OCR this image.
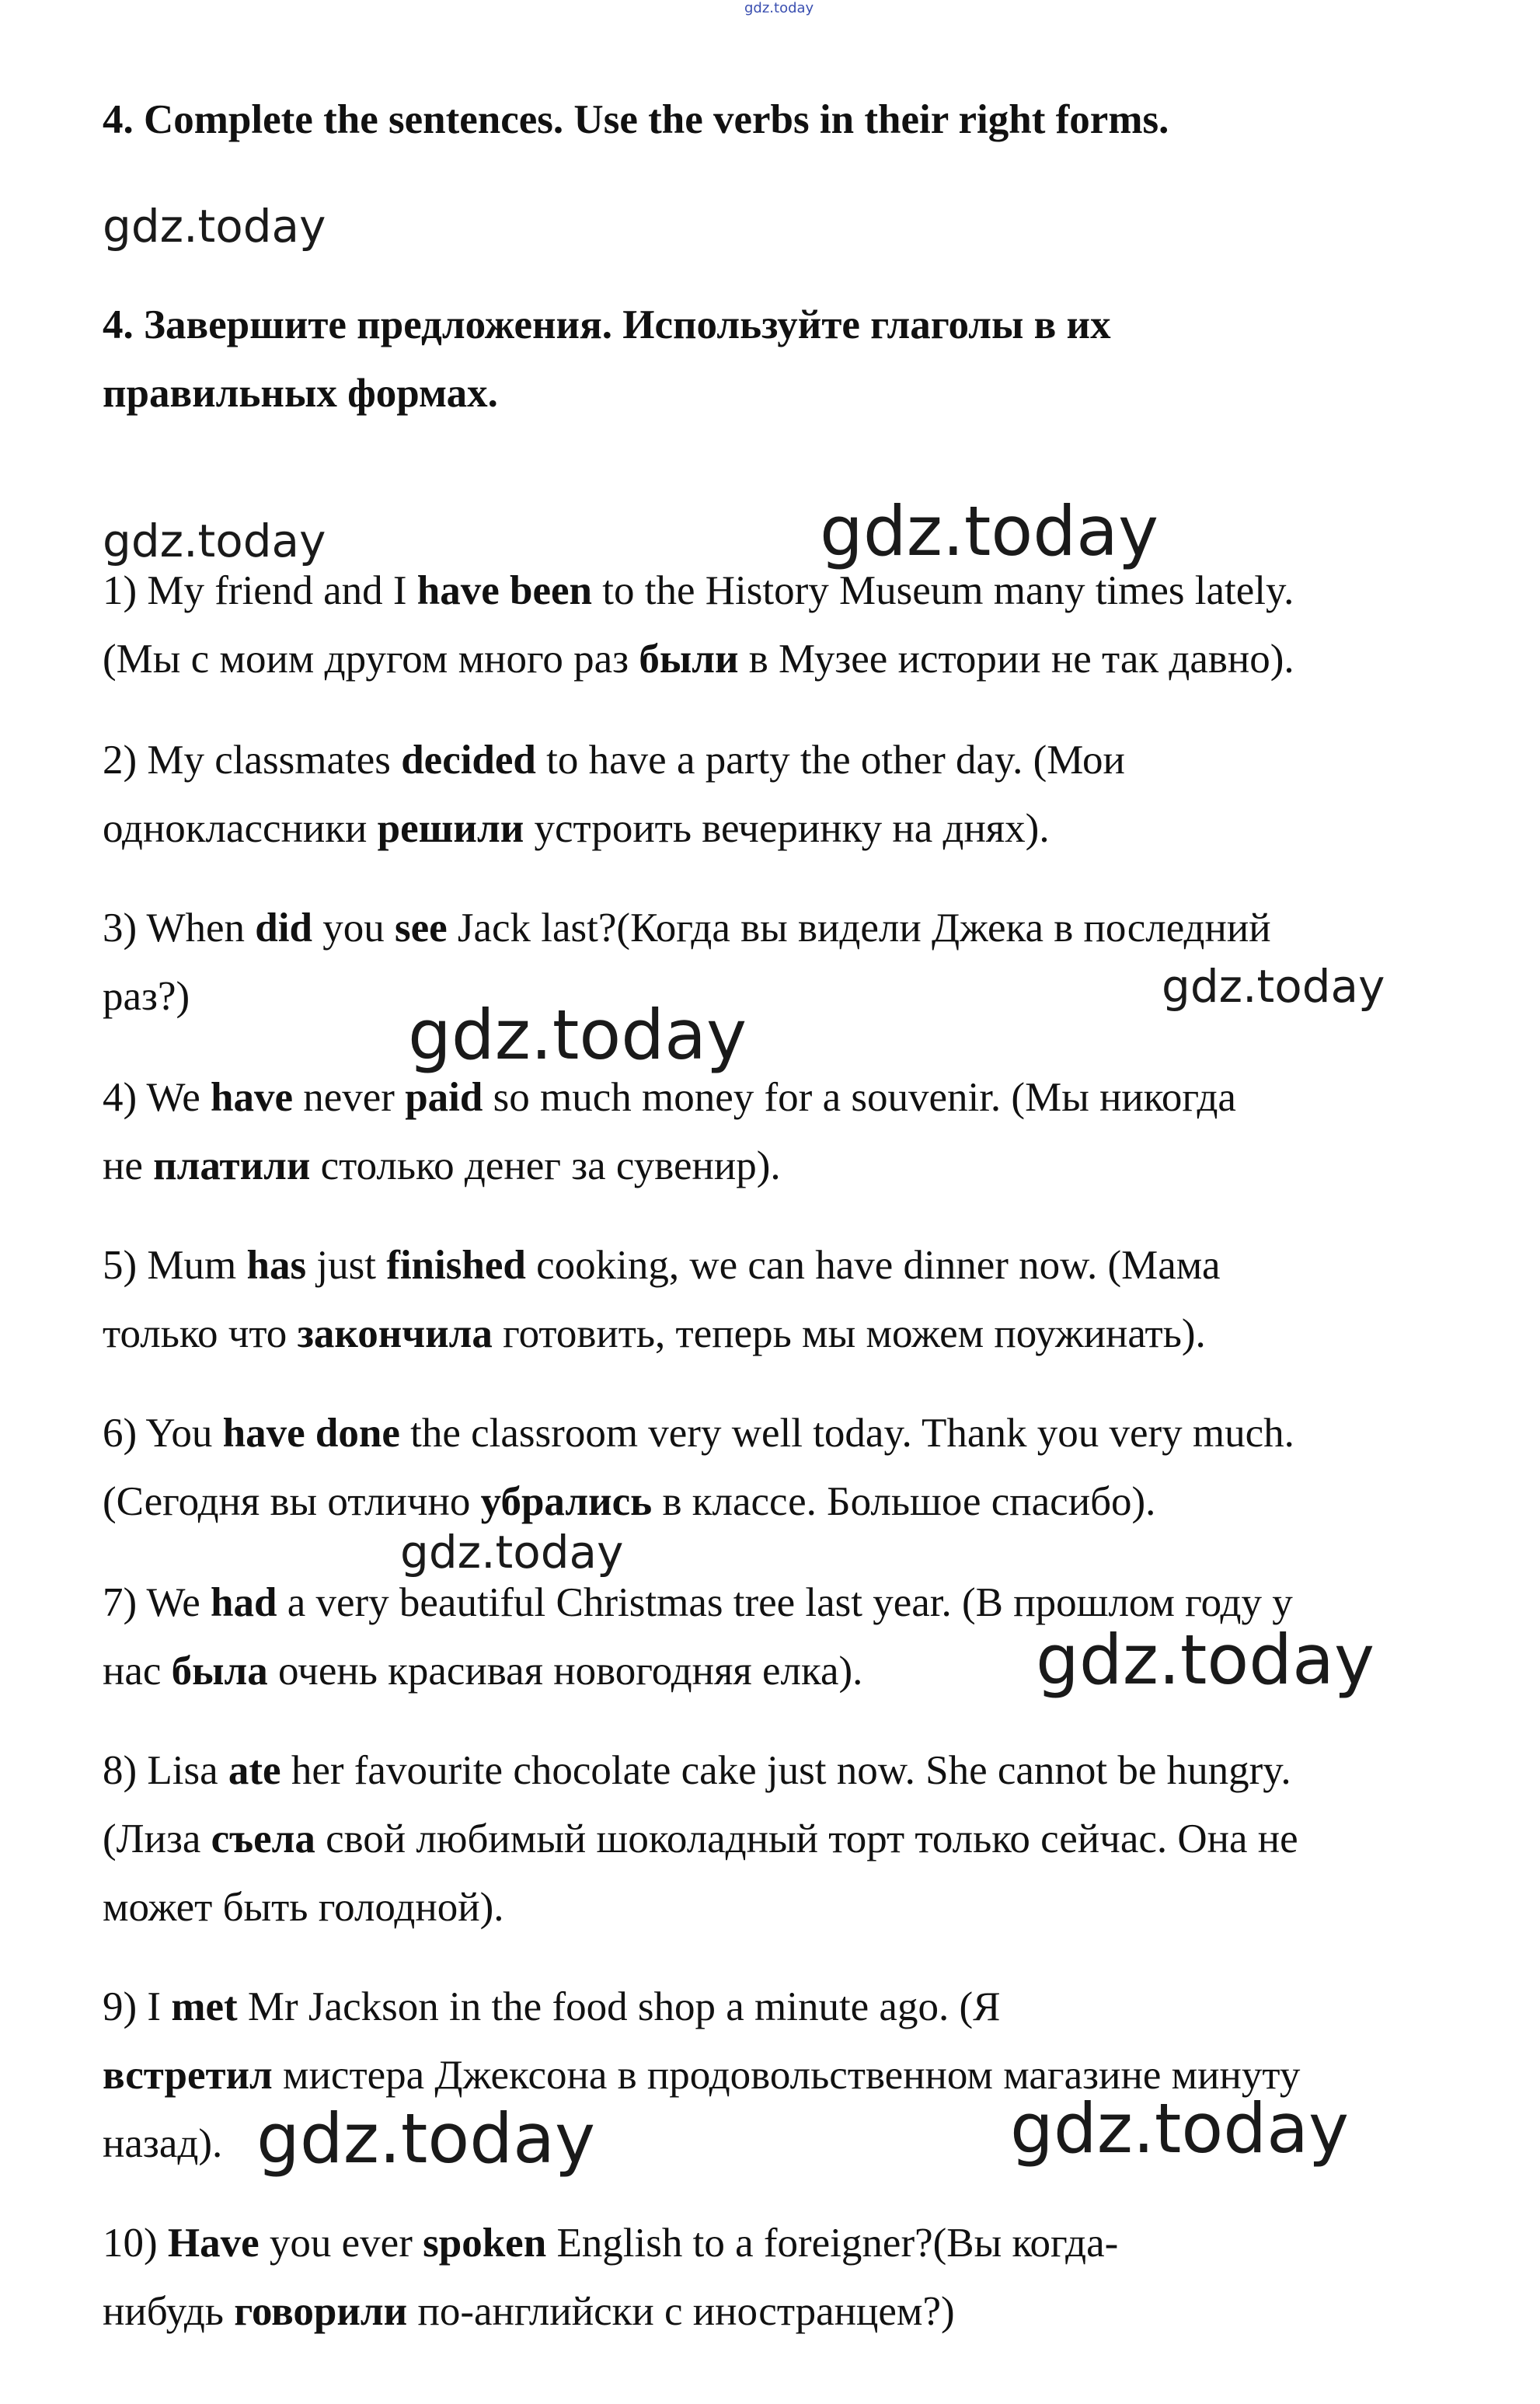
gdz.today
4. Complete the sentences. Use the verbs in their right forms.
gdz.today
4. Завершите предложения. Используйте глаголы в их
правильных формах.
gdz.today	gdz.today
1) My friend and I have been to the History Museum many times lately.
(Мы с моим другом много раз были в Музее истории не так давно).
2) My classmates decided to have a party the other day. (Мои
одноклассники решили устроить вечеринку на днях).
3) When did you see Jack last?(Когда вы видели Джека в последний
раз?)	gdz.today
gdz.today
4) We have never paid so much money for a souvenir. (Мы никогда
не платили столько денег за сувенир).
5) Mum has just finished cooking, we can have dinner now. (Мама
только что закончила готовить, теперь мы можем поужинать).
6) You have done the classroom very well today. Thank you very much.
(Сегодня вы отлично убрались в классе. Большое спасибо).
gdz.today
7) We had a very beautiful Christmas tree last year. (В прошлом году у
нас была очень красивая новогодняя елка).	gdz.today
8) Lisa ate her favourite chocolate cake just now. She cannot be hungry.
(Лиза съела свой любимый шоколадный торт только сейчас. Она не
может быть голодной).
9) I met Mr Jackson in the food shop a minute ago. (Я
встретил мистера Джексона в продовольственном магазине минуту
назад). gdz.today	gdz.today
10) Have you ever spoken English to a foreigner?(Вы когда-
нибудь говорили по-английски с иностранцем?)
